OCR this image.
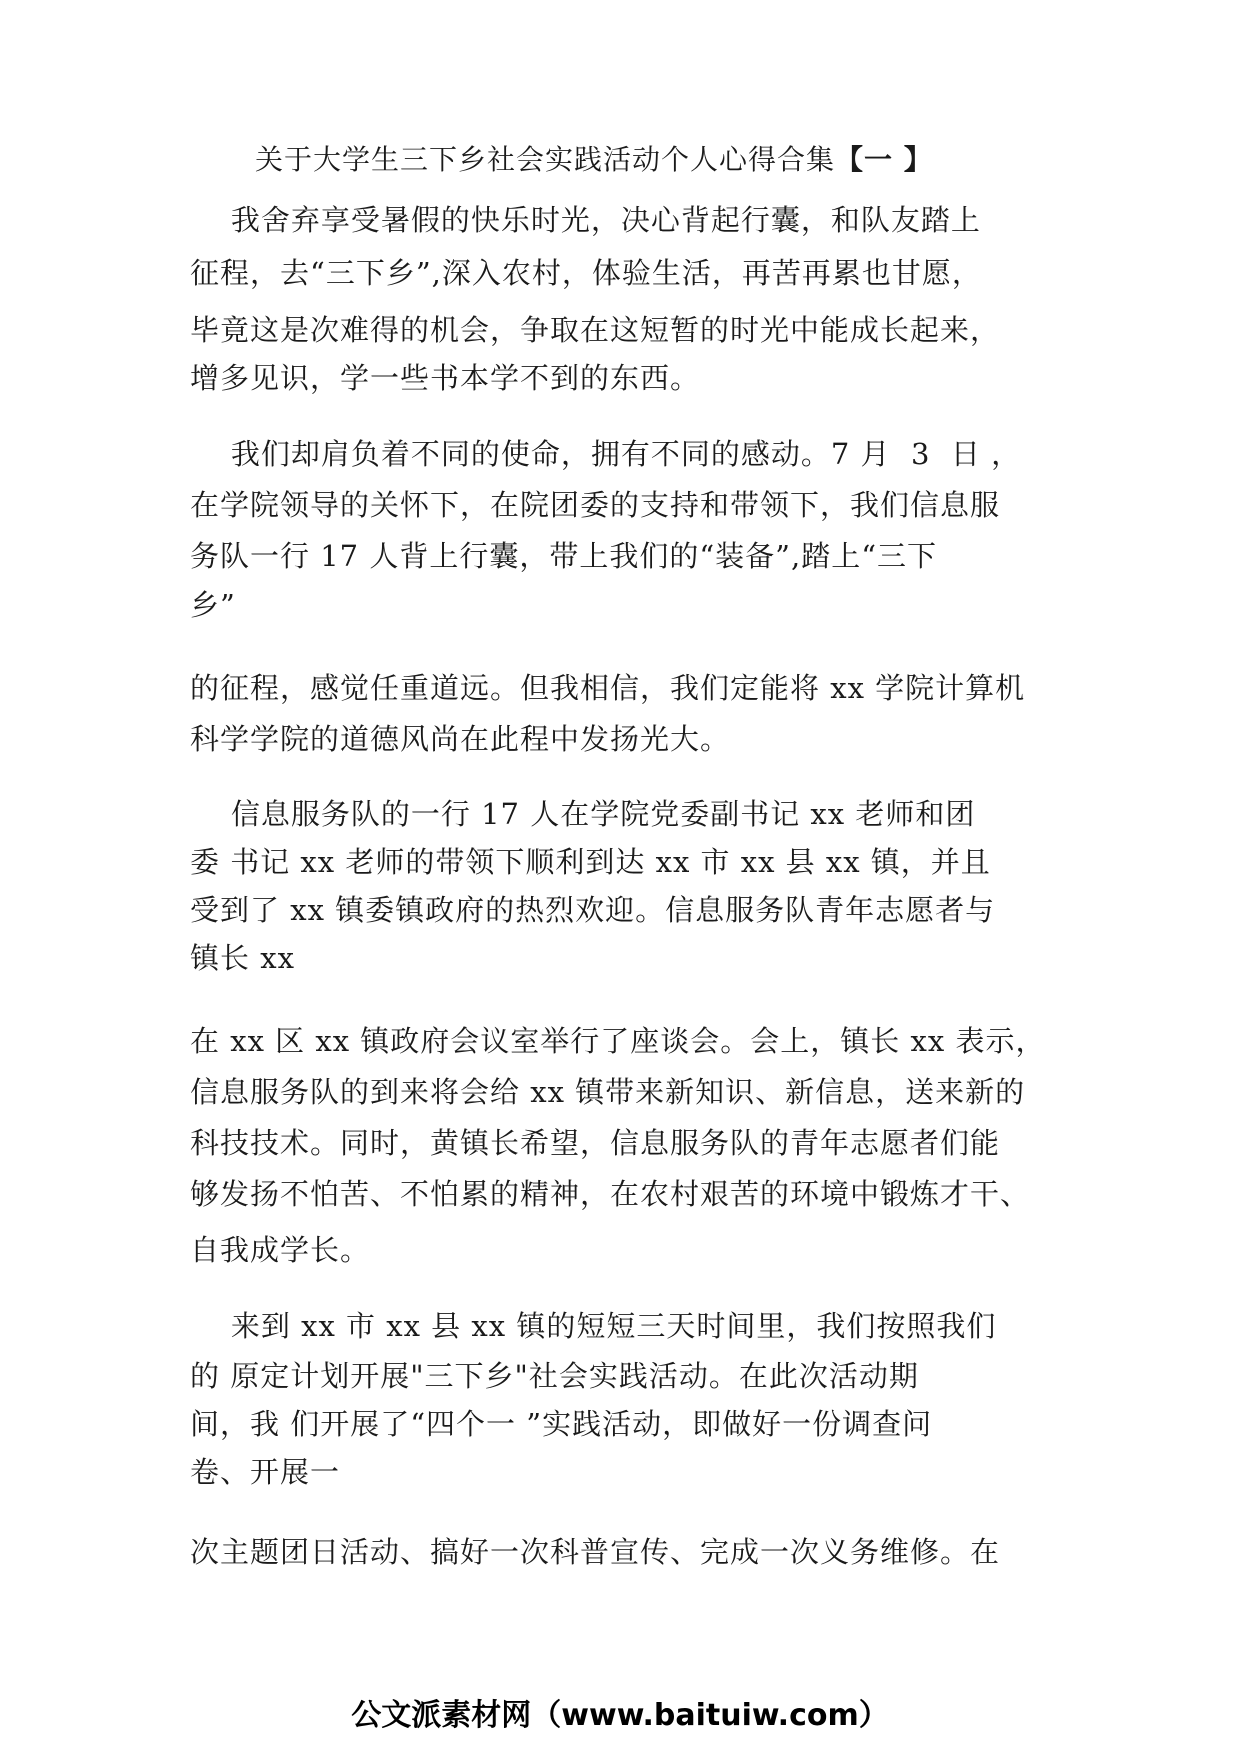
关于大学生三下乡社会实践活动个人心得合集【一 】
我舍弃享受暑假的快乐时光，决心背起行囊，和队友踏上
征程，去“三下乡”,深入农村，体验生活，再苦再累也甘愿，
毕竟这是次难得的机会，争取在这短暂的时光中能成长起来，
增多见识，学一些书本学不到的东西。
我们却肩负着不同的使命，拥有不同的感动。7 月  3  日 ，
在学院领导的关怀下，在院团委的支持和带领下，我们信息服
务队一行 17 人背上行囊，带上我们的“装备”,踏上“三下
乡”
的征程，感觉任重道远。但我相信，我们定能将 xx 学院计算机
科学学院的道德风尚在此程中发扬光大。
信息服务队的一行 17 人在学院党委副书记 xx 老师和团
委 书记 xx 老师的带领下顺利到达 xx 市 xx 县 xx 镇，并且
受到了 xx 镇委镇政府的热烈欢迎。信息服务队青年志愿者与
镇长 xx
在 xx 区 xx 镇政府会议室举行了座谈会。会上，镇长 xx 表示，
信息服务队的到来将会给 xx 镇带来新知识、新信息，送来新的
科技技术。同时，黄镇长希望，信息服务队的青年志愿者们能
够发扬不怕苦、不怕累的精神，在农村艰苦的环境中锻炼才干、
自我成学长。
来到 xx 市 xx 县 xx 镇的短短三天时间里，我们按照我们
的 原定计划开展"三下乡"社会实践活动。在此次活动期
间，我 们开展了“四个一 ”实践活动，即做好一份调查问
卷、开展一
次主题团日活动、搞好一次科普宣传、完成一次义务维修。在
公文派素材网（www.baituiw.com）
